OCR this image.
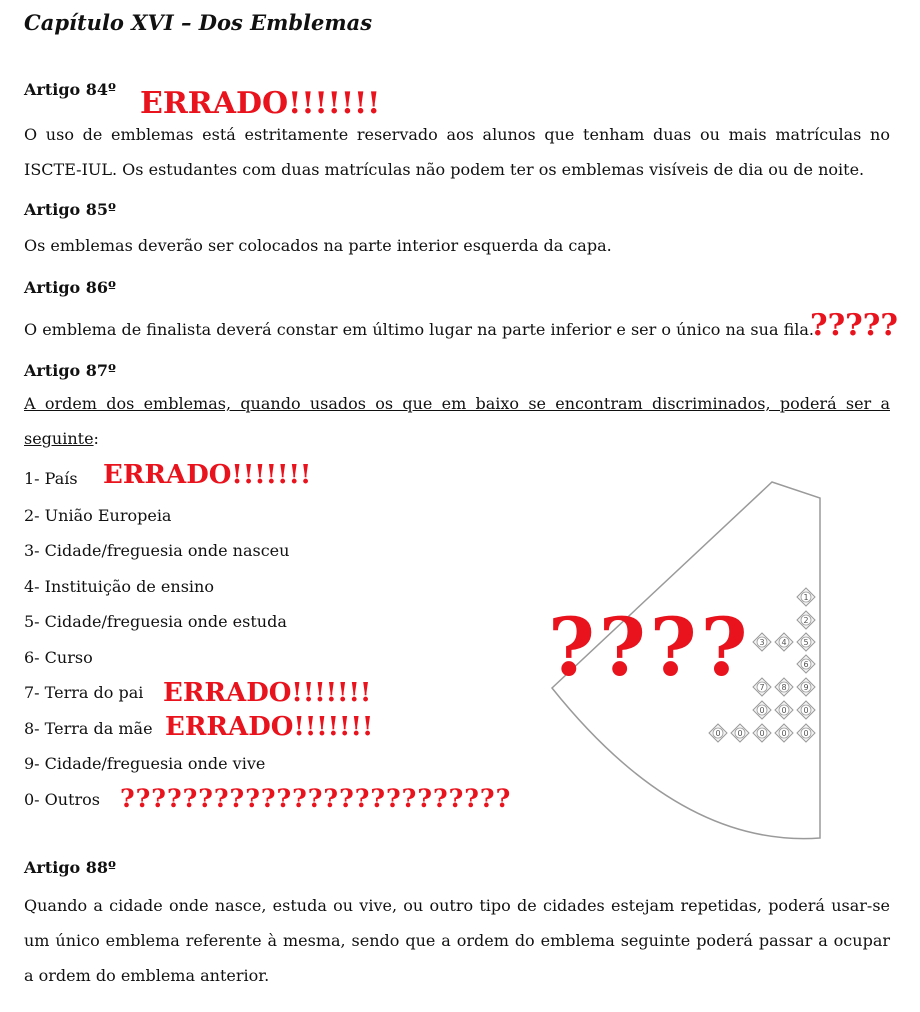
Capítulo XVI – Dos Emblemas
Artigo 84º ERRADO!!!!!!!
O uso de emblemas está estritamente reservado aos alunos que tenham duas ou mais matrículas no
ISCTE-IUL. Os estudantes com duas matrículas não podem ter os emblemas visíveis de dia ou de noite.
Artigo 85º
Os emblemas deverão ser colocados na parte interior esquerda da capa.
Artigo 86º
O emblema de finalista deverá constar em último lugar na parte inferior e ser o único na sua fila.
?????
Artigo 87º
A ordem dos emblemas, quando usados os que em baixo se encontram discriminados, poderá ser a
seguinte:
1- País ERRADO!!!!!!!
2- União Europeia
3- Cidade/freguesia onde nasceu
4- Instituição de ensino
5- Cidade/freguesia onde estuda
6- Curso
7- Terra do pai ERRADO!!!!!!!
8- Terra da mãe ERRADO!!!!!!!
9- Cidade/freguesia onde vive
0- Outros ?????????????????????????
1
2
3 4 5
6
7 8 9
0 0 0
0 0 0 0 0
????
Artigo 88º
Quando a cidade onde nasce, estuda ou vive, ou outro tipo de cidades estejam repetidas, poderá usar-se
um único emblema referente à mesma, sendo que a ordem do emblema seguinte poderá passar a ocupar
a ordem do emblema anterior.
